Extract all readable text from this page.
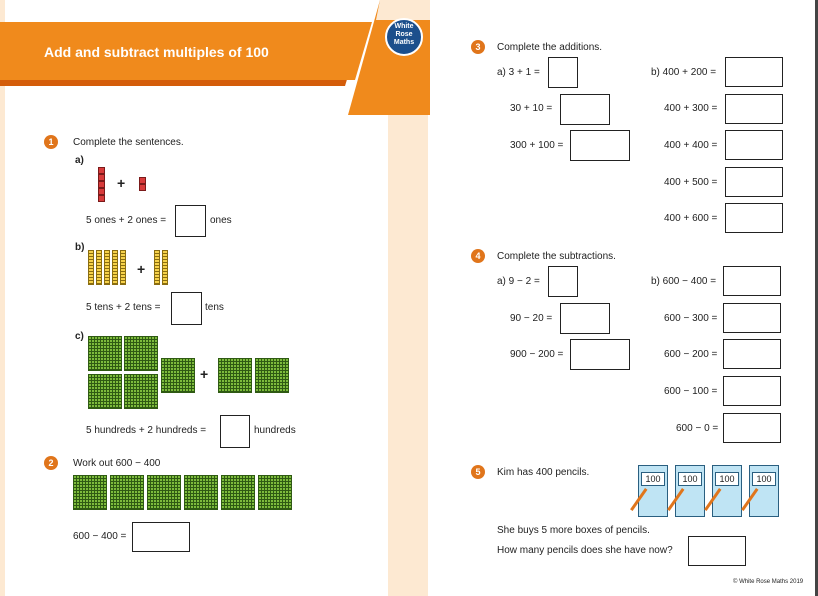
Add and subtract multiples of 100
White
Rose
Maths
1	Complete the sentences.
a)
+
5 ones + 2 ones =	ones
b)
+
5 tens + 2 tens =	tens
c)
+
5 hundreds + 2 hundreds =	hundreds
2	Work out 600 − 400
600 − 400 =
3	Complete the additions.
a) 3 + 1 =
30 + 10 =
300 + 100 =
b) 400 + 200 =
400 + 300 =
400 + 400 =
400 + 500 =
400 + 600 =
4	Complete the subtractions.
a) 9 − 2 =
90 − 20 =
900 − 200 =
b) 600 − 400 =
600 − 300 =
600 − 200 =
600 − 100 =
600 − 0 =
5	Kim has 400 pencils.
100	100	100	100
She buys 5 more boxes of pencils.
How many pencils does she have now?
© White Rose Maths 2019
